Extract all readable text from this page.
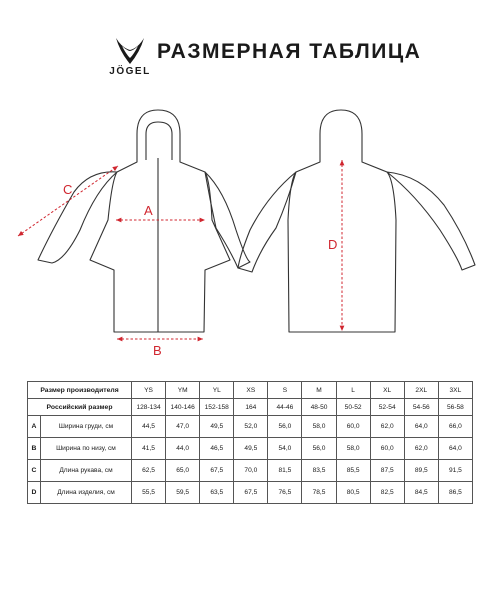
JÖGEL
РАЗМЕРНАЯ ТАБЛИЦА
A
B
C
D
Размер производителя		YS	YM	YL	XS	S	M	L	XL	2XL	3XL
Российский размер		128-134	140-146	152-158	164	44-46	48-50	50-52	52-54	54-56	56-58
A	Ширина груди, см	44,5	47,0	49,5	52,0	56,0	58,0	60,0	62,0	64,0	66,0
B	Ширина по низу, см	41,5	44,0	46,5	49,5	54,0	56,0	58,0	60,0	62,0	64,0
C	Длина рукава, см	62,5	65,0	67,5	70,0	81,5	83,5	85,5	87,5	89,5	91,5
D	Длина изделия, см	55,5	59,5	63,5	67,5	76,5	78,5	80,5	82,5	84,5	86,5
